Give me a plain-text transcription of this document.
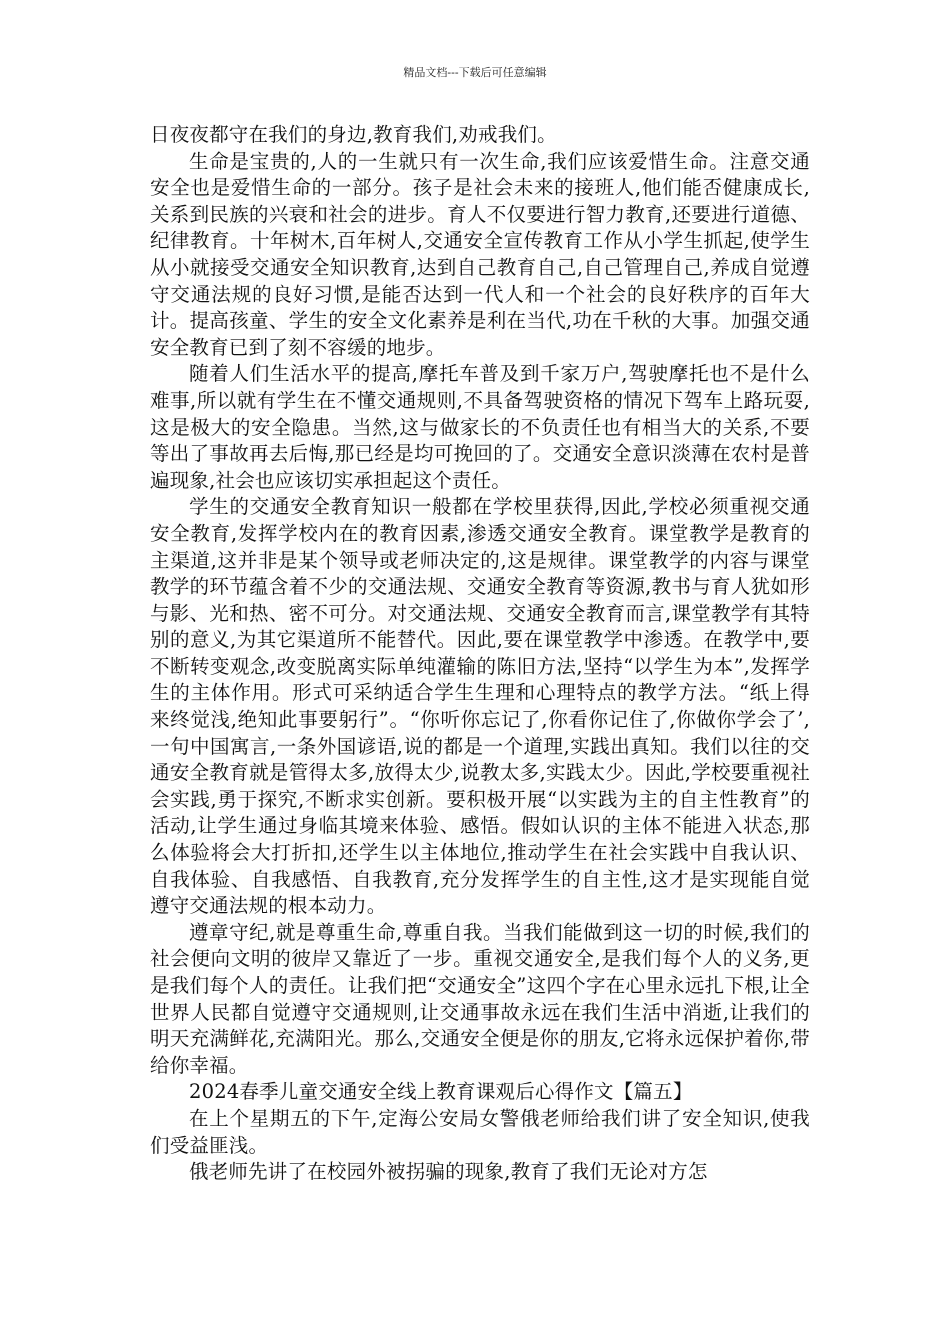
精品文档---下载后可任意编辑

日夜夜都守在我们的身边,教育我们,劝戒我们。

生命是宝贵的,人的一生就只有一次生命,我们应该爱惜生命。注意交通安全也是爱惜生命的一部分。孩子是社会未来的接班人,他们能否健康成长,关系到民族的兴衰和社会的进步。育人不仅要进行智力教育,还要进行道德、纪律教育。十年树木,百年树人,交通安全宣传教育工作从小学生抓起,使学生从小就接受交通安全知识教育,达到自己教育自己,自己管理自己,养成自觉遵守交通法规的良好习惯,是能否达到一代人和一个社会的良好秩序的百年大计。提高孩童、学生的安全文化素养是利在当代,功在千秋的大事。加强交通安全教育已到了刻不容缓的地步。

随着人们生活水平的提高,摩托车普及到千家万户,驾驶摩托也不是什么难事,所以就有学生在不懂交通规则,不具备驾驶资格的情况下驾车上路玩耍,这是极大的安全隐患。当然,这与做家长的不负责任也有相当大的关系,不要等出了事故再去后悔,那已经是均可挽回的了。交通安全意识淡薄在农村是普遍现象,社会也应该切实承担起这个责任。

学生的交通安全教育知识一般都在学校里获得,因此,学校必须重视交通安全教育,发挥学校内在的教育因素,渗透交通安全教育。课堂教学是教育的主渠道,这并非是某个领导或老师决定的,这是规律。课堂教学的内容与课堂教学的环节蕴含着不少的交通法规、交通安全教育等资源,教书与育人犹如形与影、光和热、密不可分。对交通法规、交通安全教育而言,课堂教学有其特别的意义,为其它渠道所不能替代。因此,要在课堂教学中渗透。在教学中,要不断转变观念,改变脱离实际单纯灌输的陈旧方法,坚持“以学生为本”,发挥学生的主体作用。形式可采纳适合学生生理和心理特点的教学方法。“纸上得来终觉浅,绝知此事要躬行”。“你听你忘记了,你看你记住了,你做你学会了’,一句中国寓言,一条外国谚语,说的都是一个道理,实践出真知。我们以往的交通安全教育就是管得太多,放得太少,说教太多,实践太少。因此,学校要重视社会实践,勇于探究,不断求实创新。要积极开展“以实践为主的自主性教育”的活动,让学生通过身临其境来体验、感悟。假如认识的主体不能进入状态,那么体验将会大打折扣,还学生以主体地位,推动学生在社会实践中自我认识、自我体验、自我感悟、自我教育,充分发挥学生的自主性,这才是实现能自觉遵守交通法规的根本动力。

遵章守纪,就是尊重生命,尊重自我。当我们能做到这一切的时候,我们的社会便向文明的彼岸又靠近了一步。重视交通安全,是我们每个人的义务,更是我们每个人的责任。让我们把“交通安全”这四个字在心里永远扎下根,让全世界人民都自觉遵守交通规则,让交通事故永远在我们生活中消逝,让我们的明天充满鲜花,充满阳光。那么,交通安全便是你的朋友,它将永远保护着你,带给你幸福。

2024春季儿童交通安全线上教育课观后心得作文【篇五】

在上个星期五的下午,定海公安局女警俄老师给我们讲了安全知识,使我们受益匪浅。

俄老师先讲了在校园外被拐骗的现象,教育了我们无论对方怎
